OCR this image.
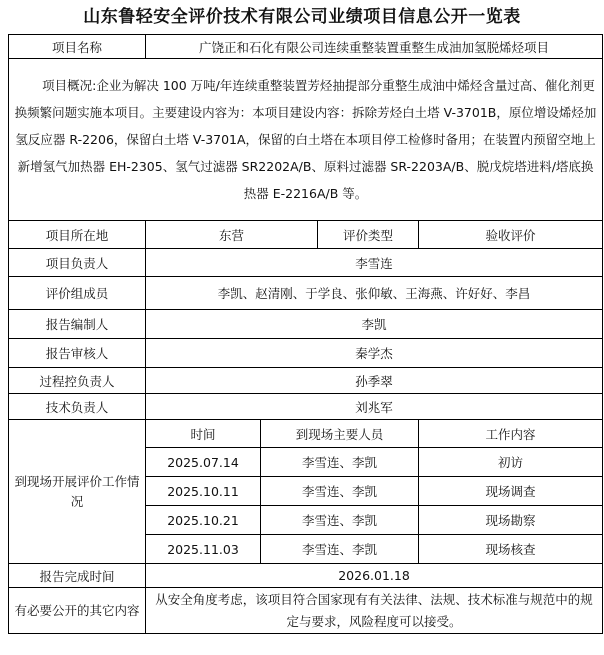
山东鲁轻安全评价技术有限公司业绩项目信息公开一览表
项目名称	广饶正和石化有限公司连续重整装置重整生成油加氢脱烯烃项目			
项目概况:企业为解决 100 万吨/年连续重整装置芳烃抽提部分重整生成油中烯烃含量过高、催化剂更换频繁问题实施本项目。主要建设内容为：本项目建设内容：拆除芳烃白土塔 V-3701B，原位增设烯烃加氢反应器 R-2206，保留白土塔 V-3701A，保留的白土塔在本项目停工检修时备用；在装置内预留空地上新增氢气加热器 EH-2305、氢气过滤器 SR2202A/B、原料过滤器 SR-2203A/B、脱戊烷塔进料/塔底换热器 E-2216A/B 等。				
项目所在地	东营		评价类型	验收评价
项目负责人	李雪连			
评价组成员	李凯、赵清刚、于学良、张仰敏、王海燕、许好好、李昌			
报告编制人	李凯			
报告审核人	秦学杰			
过程控负责人	孙季翠			
技术负责人	刘兆军			
到现场开展评价工作情况	时间	到现场主要人员		工作内容
	2025.07.14	李雪连、李凯		初访
	2025.10.11	李雪连、李凯		现场调查
	2025.10.21	李雪连、李凯		现场勘察
	2025.11.03	李雪连、李凯		现场核查
报告完成时间	2026.01.18			
有必要公开的其它内容	从安全角度考虑，该项目符合国家现有有关法律、法规、技术标准与规范中的规定与要求，风险程度可以接受。			
